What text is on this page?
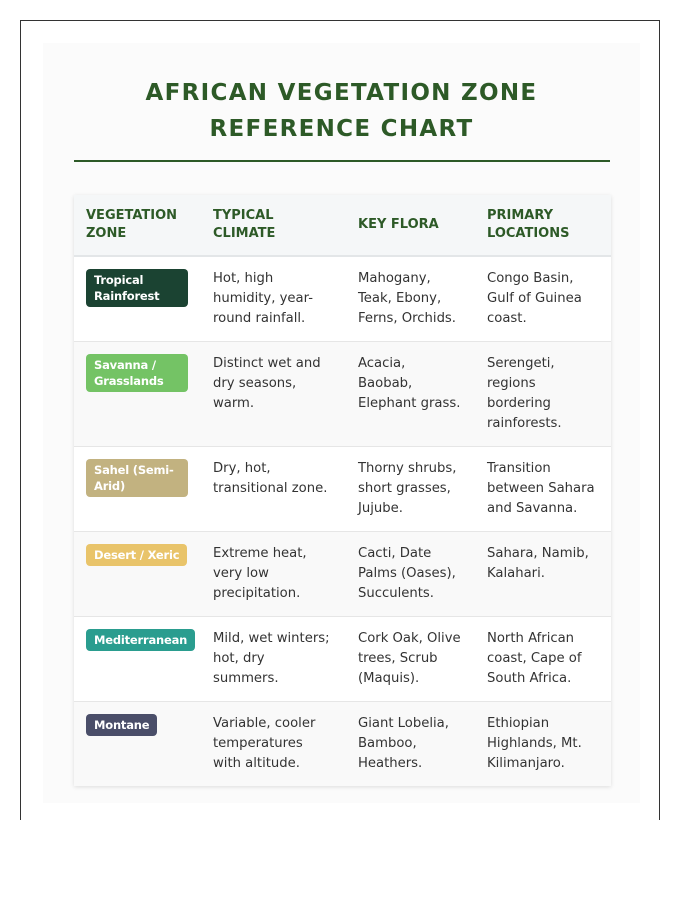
AFRICAN VEGETATION ZONE REFERENCE CHART
VEGETATION ZONE	TYPICAL CLIMATE	KEY FLORA	PRIMARY LOCATIONS
Tropical Rainforest	Hot, high humidity, year-round rainfall.	Mahogany, Teak, Ebony, Ferns, Orchids.	Congo Basin, Gulf of Guinea coast.
Savanna / Grasslands	Distinct wet and dry seasons, warm.	Acacia, Baobab, Elephant grass.	Serengeti, regions bordering rainforests.
Sahel (Semi-Arid)	Dry, hot, transitional zone.	Thorny shrubs, short grasses, Jujube.	Transition between Sahara and Savanna.
Desert / Xeric	Extreme heat, very low precipitation.	Cacti, Date Palms (Oases), Succulents.	Sahara, Namib, Kalahari.
Mediterranean	Mild, wet winters; hot, dry summers.	Cork Oak, Olive trees, Scrub (Maquis).	North African coast, Cape of South Africa.
Montane	Variable, cooler temperatures with altitude.	Giant Lobelia, Bamboo, Heathers.	Ethiopian Highlands, Mt. Kilimanjaro.
